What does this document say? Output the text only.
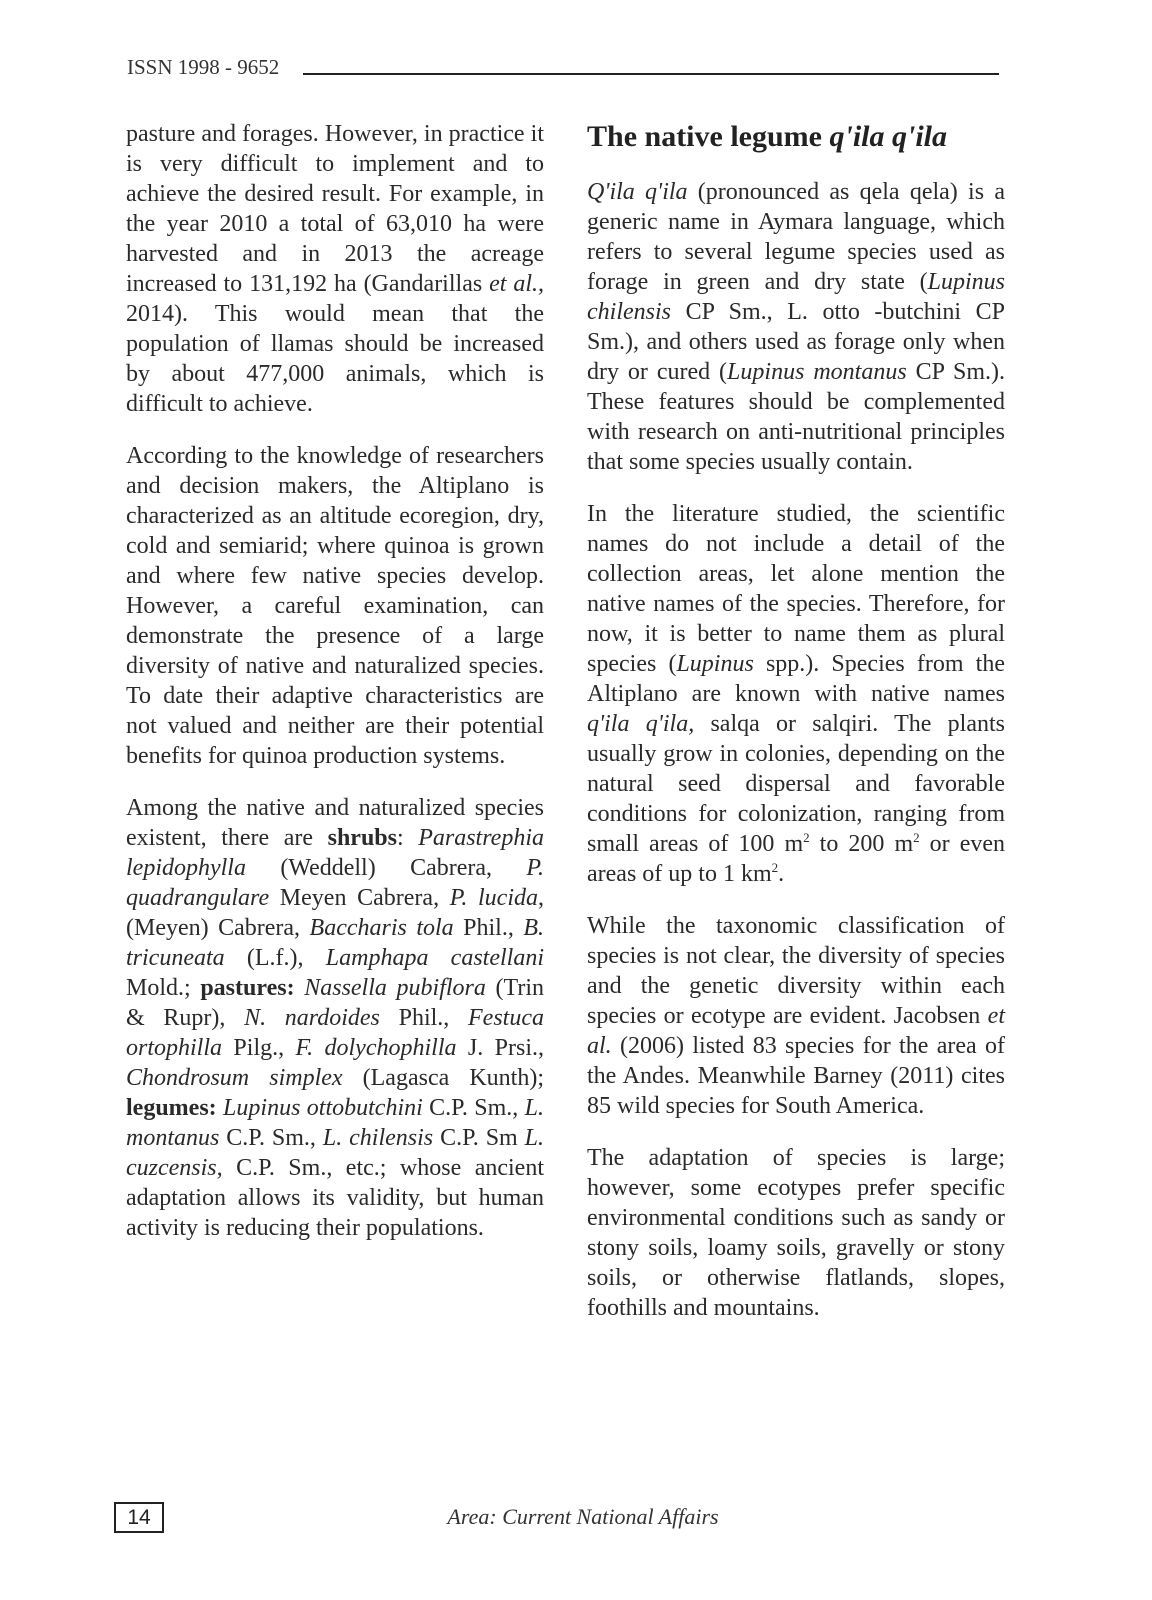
ISSN 1998 - 9652

pasture and forages. However, in practice it is very difficult to implement and to achieve the desired result. For example, in the year 2010 a total of 63,010 ha were harvested and in 2013 the acreage increased to 131,192 ha (Gandarillas et al., 2014). This would mean that the population of llamas should be increased by about 477,000 animals, which is difficult to achieve.

According to the knowledge of researchers and decision makers, the Altiplano is characterized as an altitude ecoregion, dry, cold and semiarid; where quinoa is grown and where few native species develop. However, a careful examination, can demonstrate the presence of a large diversity of native and naturalized species. To date their adaptive characteristics are not valued and neither are their potential benefits for quinoa production systems.

Among the native and naturalized species existent, there are shrubs: Parastrephia lepidophylla (Weddell) Cabrera, P. quadrangulare Meyen Cabrera, P. lucida, (Meyen) Cabrera, Baccharis tola Phil., B. tricuneata (L.f.), Lamphapa castellani Mold.; pastures: Nassella pubiflora (Trin & Rupr), N. nardoides Phil., Festuca ortophilla Pilg., F. dolychophilla J. Prsi., Chondrosum simplex (Lagasca Kunth); legumes: Lupinus ottobutchini C.P. Sm., L. montanus C.P. Sm., L. chilensis C.P. Sm L. cuzcensis, C.P. Sm., etc.; whose ancient adaptation allows its validity, but human activity is reducing their populations.

The native legume q'ila q'ila

Q'ila q'ila (pronounced as qela qela) is a generic name in Aymara language, which refers to several legume species used as forage in green and dry state (Lupinus chilensis CP Sm., L. otto -butchini CP Sm.), and others used as forage only when dry or cured (Lupinus montanus CP Sm.). These features should be complemented with research on anti-nutritional principles that some species usually contain.

In the literature studied, the scientific names do not include a detail of the collection areas, let alone mention the native names of the species. Therefore, for now, it is better to name them as plural species (Lupinus spp.). Species from the Altiplano are known with native names q'ila q'ila, salqa or salqiri. The plants usually grow in colonies, depending on the natural seed dispersal and favorable conditions for colonization, ranging from small areas of 100 $m^2$ to 200 $m^2$ or even areas of up to 1 $km^2$.

While the taxonomic classification of species is not clear, the diversity of species and the genetic diversity within each species or ecotype are evident. Jacobsen et al. (2006) listed 83 species for the area of the Andes. Meanwhile Barney (2011) cites 85 wild species for South America.

The adaptation of species is large; however, some ecotypes prefer specific environmental conditions such as sandy or stony soils, loamy soils, gravelly or stony soils, or otherwise flatlands, slopes, foothills and mountains.

14	Area: Current National Affairs
